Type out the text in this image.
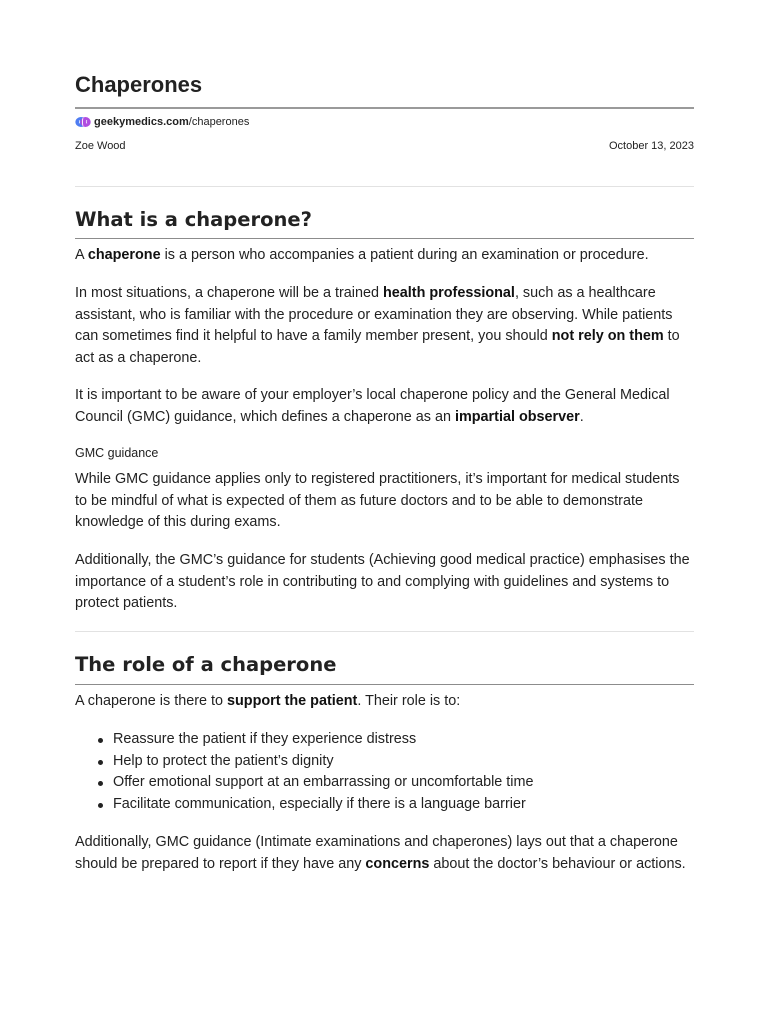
Chaperones
geekymedics.com /chaperones
Zoe Wood	October 13, 2023
What is a chaperone?

A chaperone is a person who accompanies a patient during an examination or procedure.

In most situations, a chaperone will be a trained health professional, such as a healthcare assistant, who is familiar with the procedure or examination they are observing. While patients can sometimes find it helpful to have a family member present, you should not rely on them to act as a chaperone.

It is important to be aware of your employer’s local chaperone policy and the General Medical Council (GMC) guidance, which defines a chaperone as an impartial observer.

GMC guidance

While GMC guidance applies only to registered practitioners, it’s important for medical students to be mindful of what is expected of them as future doctors and to be able to demonstrate knowledge of this during exams.

Additionally, the GMC’s guidance for students (Achieving good medical practice) emphasises the importance of a student’s role in contributing to and complying with guidelines and systems to protect patients.

The role of a chaperone

A chaperone is there to support the patient. Their role is to:

Reassure the patient if they experience distress
Help to protect the patient’s dignity
Offer emotional support at an embarrassing or uncomfortable time
Facilitate communication, especially if there is a language barrier

Additionally, GMC guidance (Intimate examinations and chaperones) lays out that a chaperone should be prepared to report if they have any concerns about the doctor’s behaviour or actions.
